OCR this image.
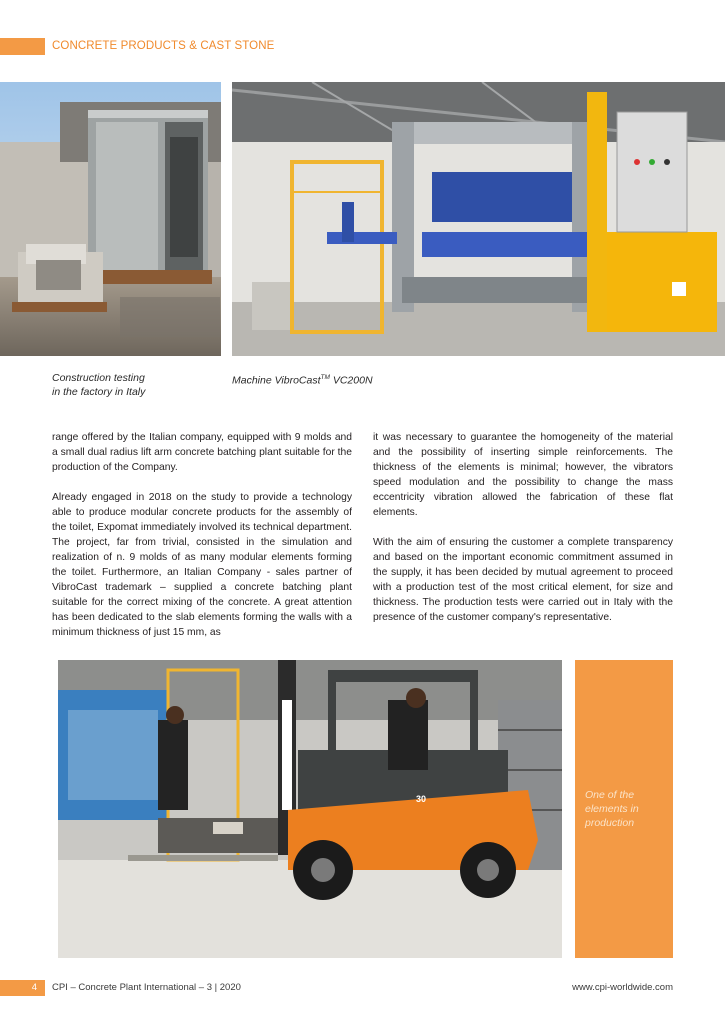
CONCRETE PRODUCTS & CAST STONE
Construction testing
in the factory in Italy
Machine VibroCast™ VC200N

range offered by the Italian company, equipped with 9 molds and a small dual radius lift arm concrete batching plant suitable for the production of the Company.

Already engaged in 2018 on the study to provide a technology able to produce modular concrete products for the assembly of the toilet, Expomat immediately involved its technical department. The project, far from trivial, consisted in the simulation and realization of n. 9 molds of as many modular elements forming the toilet. Furthermore, an Italian Company - sales partner of VibroCast trademark – supplied a concrete batching plant suitable for the correct mixing of the concrete. A great attention has been dedicated to the slab elements forming the walls with a minimum thickness of just 15 mm, as

it was necessary to guarantee the homogeneity of the material and the possibility of inserting simple reinforcements. The thickness of the elements is minimal; however, the vibrators speed modulation and the possibility to change the mass eccentricity vibration allowed the fabrication of these flat elements.

With the aim of ensuring the customer a complete transparency and based on the important economic commitment assumed in the supply, it has been decided by mutual agreement to proceed with a production test of the most critical element, for size and thickness. The production tests were carried out in Italy with the presence of the customer company's representative.

TOYOTA
30	One of the elements in production
4	CPI – Concrete Plant International – 3 | 2020	www.cpi-worldwide.com
